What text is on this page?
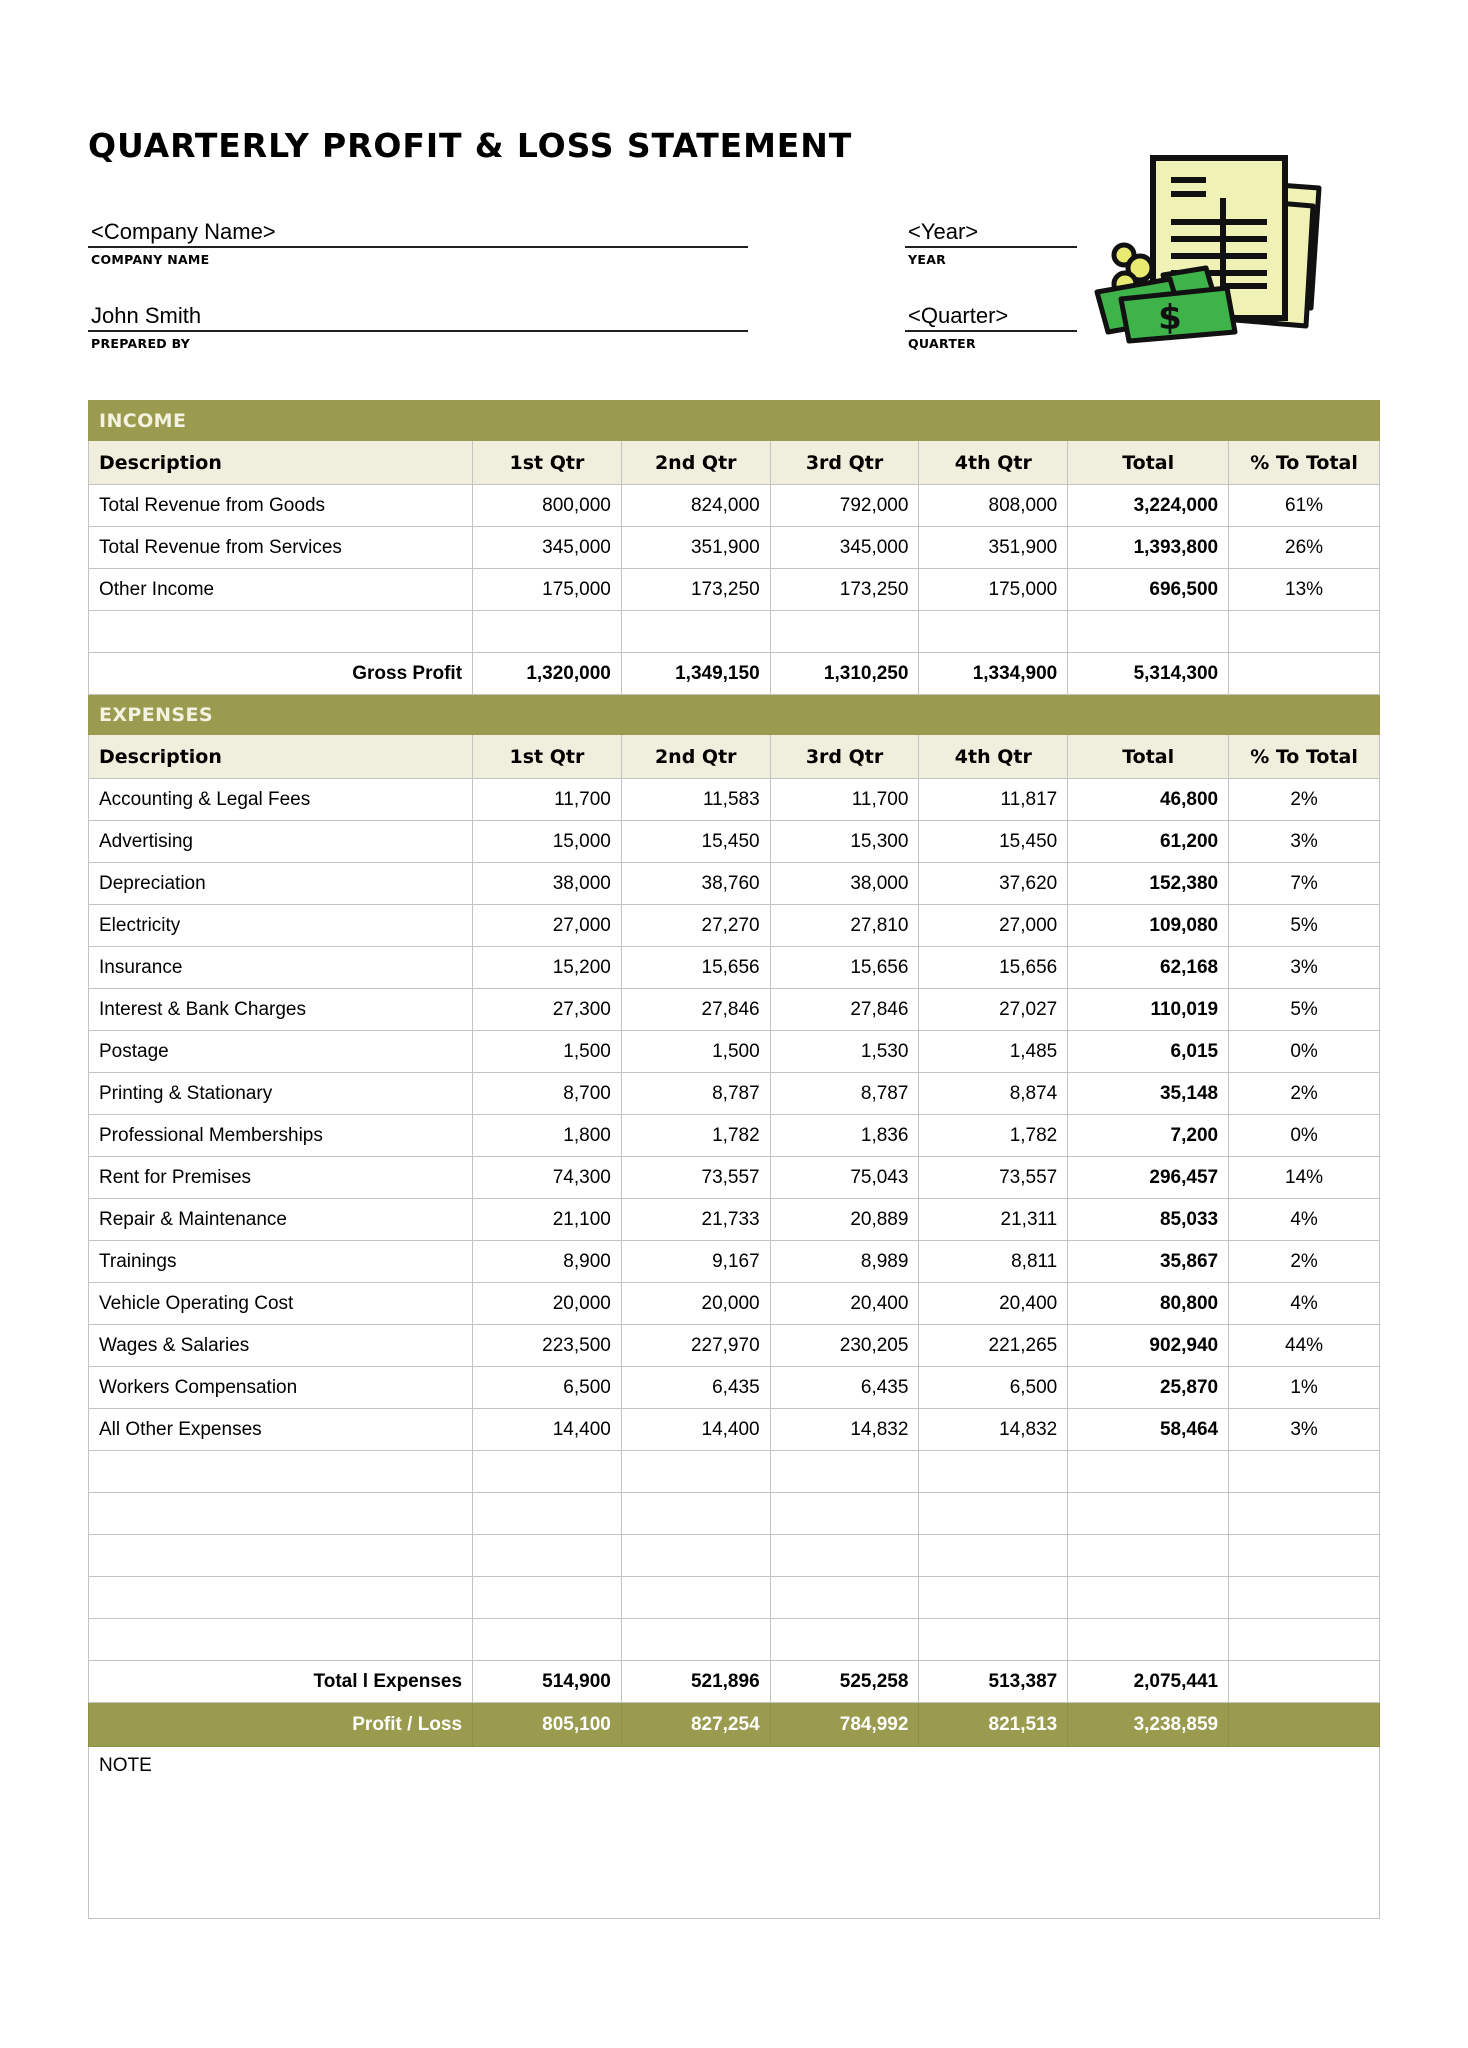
QUARTERLY PROFIT & LOSS STATEMENT
<Company Name>
COMPANY NAME
John Smith
PREPARED BY
<Year>
YEAR
<Quarter>
QUARTER
$
INCOME						
Description	1st Qtr	2nd Qtr	3rd Qtr	4th Qtr	Total	% To Total
Total Revenue from Goods	800,000	824,000	792,000	808,000	3,224,000	61%
Total Revenue from Services	345,000	351,900	345,000	351,900	1,393,800	26%
Other Income	175,000	173,250	173,250	175,000	696,500	13%

Gross Profit	1,320,000	1,349,150	1,310,250	1,334,900	5,314,300	
EXPENSES						
Description	1st Qtr	2nd Qtr	3rd Qtr	4th Qtr	Total	% To Total
Accounting & Legal Fees	11,700	11,583	11,700	11,817	46,800	2%
Advertising	15,000	15,450	15,300	15,450	61,200	3%
Depreciation	38,000	38,760	38,000	37,620	152,380	7%
Electricity	27,000	27,270	27,810	27,000	109,080	5%
Insurance	15,200	15,656	15,656	15,656	62,168	3%
Interest & Bank Charges	27,300	27,846	27,846	27,027	110,019	5%
Postage	1,500	1,500	1,530	1,485	6,015	0%
Printing & Stationary	8,700	8,787	8,787	8,874	35,148	2%
Professional Memberships	1,800	1,782	1,836	1,782	7,200	0%
Rent for Premises	74,300	73,557	75,043	73,557	296,457	14%
Repair & Maintenance	21,100	21,733	20,889	21,311	85,033	4%
Trainings	8,900	9,167	8,989	8,811	35,867	2%
Vehicle Operating Cost	20,000	20,000	20,400	20,400	80,800	4%
Wages & Salaries	223,500	227,970	230,205	221,265	902,940	44%
Workers Compensation	6,500	6,435	6,435	6,500	25,870	1%
All Other Expenses	14,400	14,400	14,832	14,832	58,464	3%

Total l Expenses	514,900	521,896	525,258	513,387	2,075,441	
Profit / Loss	805,100	827,254	784,992	821,513	3,238,859	
NOTE
